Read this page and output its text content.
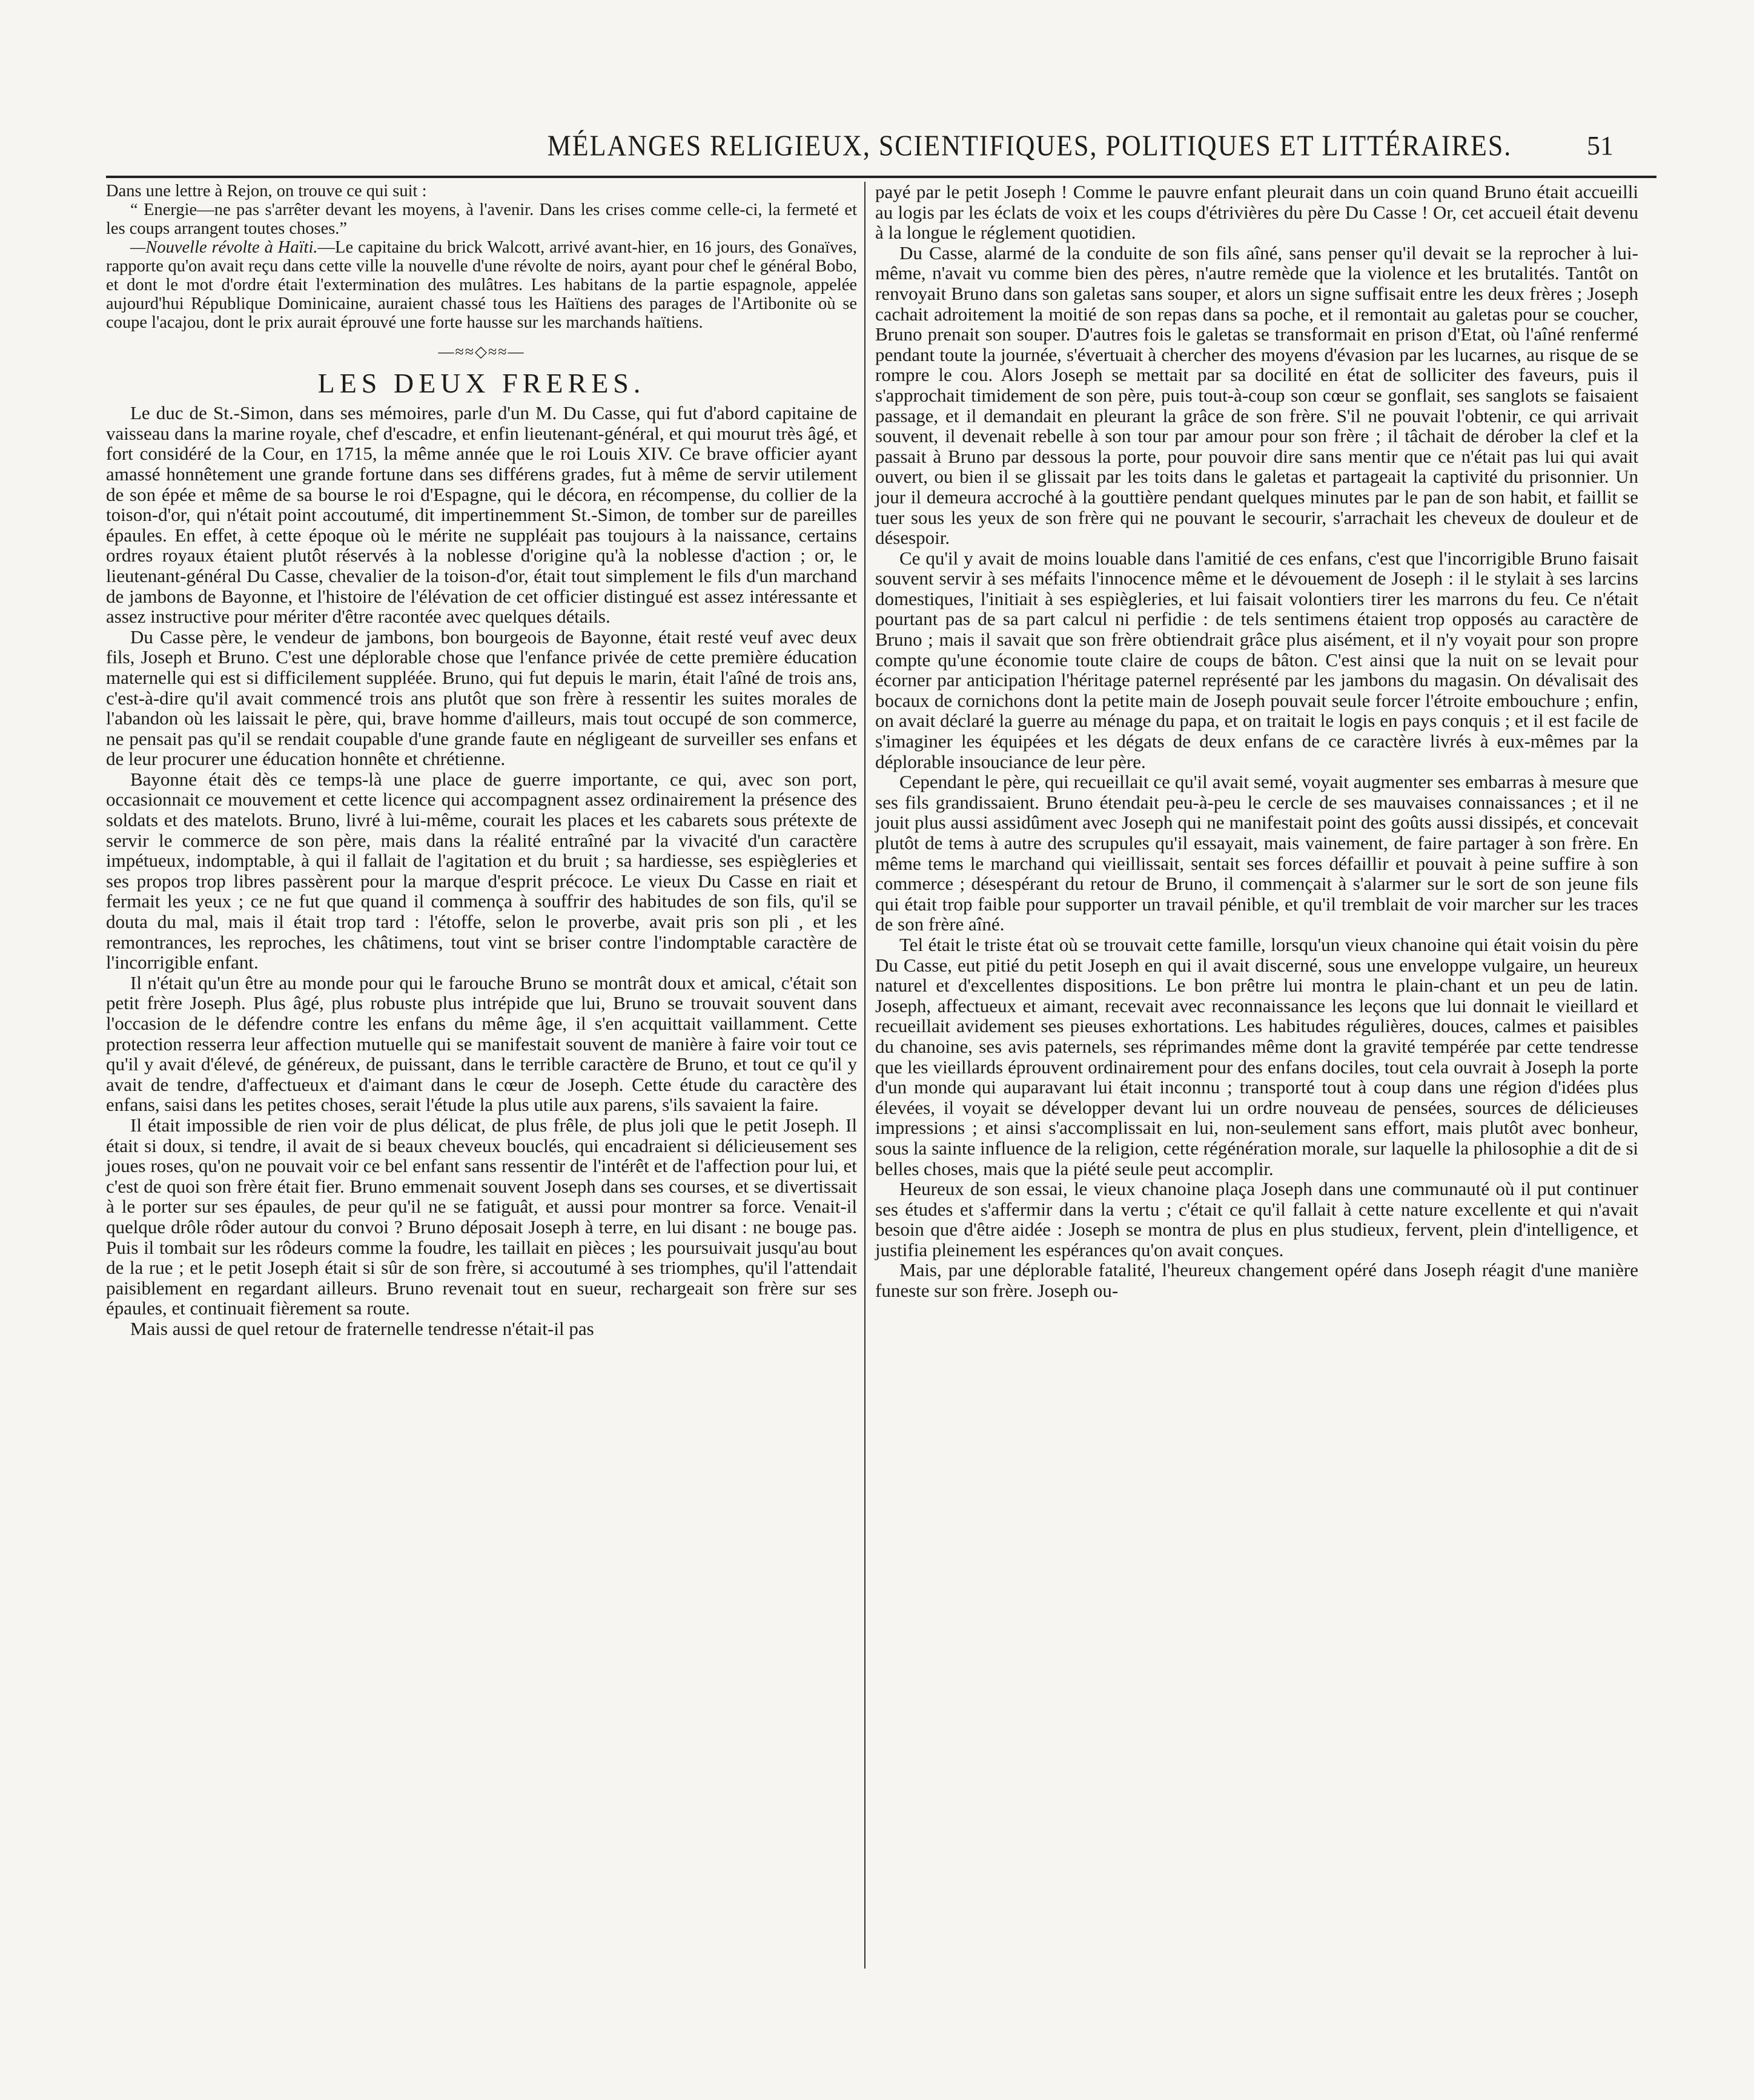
MÉLANGES RELIGIEUX, SCIENTIFIQUES, POLITIQUES ET LITTÉRAIRES.	51

Dans une lettre à Rejon, on trouve ce qui suit :

“ Energie—ne pas s'arrêter devant les moyens, à l'avenir. Dans les crises comme celle-ci, la fermeté et les coups arrangent toutes choses.”

—Nouvelle révolte à Haïti.—Le capitaine du brick Walcott, arrivé avant-hier, en 16 jours, des Gonaïves, rapporte qu'on avait reçu dans cette ville la nouvelle d'une révolte de noirs, ayant pour chef le général Bobo, et dont le mot d'ordre était l'extermination des mulâtres. Les habitans de la partie espagnole, appelée aujourd'hui République Dominicaine, auraient chassé tous les Haïtiens des parages de l'Artibonite où se coupe l'acajou, dont le prix aurait éprouvé une forte hausse sur les marchands haïtiens.

—≈≈◇≈≈—
LES DEUX FRERES.

Le duc de St.-Simon, dans ses mémoires, parle d'un M. Du Casse, qui fut d'abord capitaine de vaisseau dans la marine royale, chef d'escadre, et enfin lieutenant-général, et qui mourut très âgé, et fort considéré de la Cour, en 1715, la même année que le roi Louis XIV. Ce brave officier ayant amassé honnêtement une grande fortune dans ses différens grades, fut à même de servir utilement de son épée et même de sa bourse le roi d'Espagne, qui le décora, en récompense, du collier de la toison-d'or, qui n'était point accoutumé, dit impertinemment St.-Simon, de tomber sur de pareilles épaules. En effet, à cette époque où le mérite ne suppléait pas toujours à la naissance, certains ordres royaux étaient plutôt réservés à la noblesse d'origine qu'à la noblesse d'action ; or, le lieutenant-général Du Casse, chevalier de la toison-d'or, était tout simplement le fils d'un marchand de jambons de Bayonne, et l'histoire de l'élévation de cet officier distingué est assez intéressante et assez instructive pour mériter d'être racontée avec quelques détails.

Du Casse père, le vendeur de jambons, bon bourgeois de Bayonne, était resté veuf avec deux fils, Joseph et Bruno. C'est une déplorable chose que l'enfance privée de cette première éducation maternelle qui est si difficilement suppléée. Bruno, qui fut depuis le marin, était l'aîné de trois ans, c'est-à-dire qu'il avait commencé trois ans plutôt que son frère à ressentir les suites morales de l'abandon où les laissait le père, qui, brave homme d'ailleurs, mais tout occupé de son commerce, ne pensait pas qu'il se rendait coupable d'une grande faute en négligeant de surveiller ses enfans et de leur procurer une éducation honnête et chrétienne.

Bayonne était dès ce temps-là une place de guerre importante, ce qui, avec son port, occasionnait ce mouvement et cette licence qui accompagnent assez ordinairement la présence des soldats et des matelots. Bruno, livré à lui-même, courait les places et les cabarets sous prétexte de servir le commerce de son père, mais dans la réalité entraîné par la vivacité d'un caractère impétueux, indomptable, à qui il fallait de l'agitation et du bruit ; sa hardiesse, ses espiègleries et ses propos trop libres passèrent pour la marque d'esprit précoce. Le vieux Du Casse en riait et fermait les yeux ; ce ne fut que quand il commença à souffrir des habitudes de son fils, qu'il se douta du mal, mais il était trop tard : l'étoffe, selon le proverbe, avait pris son pli , et les remontrances, les reproches, les châtimens, tout vint se briser contre l'indomptable caractère de l'incorrigible enfant.

Il n'était qu'un être au monde pour qui le farouche Bruno se montrât doux et amical, c'était son petit frère Joseph. Plus âgé, plus robuste plus intrépide que lui, Bruno se trouvait souvent dans l'occasion de le défendre contre les enfans du même âge, il s'en acquittait vaillamment. Cette protection resserra leur affection mutuelle qui se manifestait souvent de manière à faire voir tout ce qu'il y avait d'élevé, de généreux, de puissant, dans le terrible caractère de Bruno, et tout ce qu'il y avait de tendre, d'affectueux et d'aimant dans le cœur de Joseph. Cette étude du caractère des enfans, saisi dans les petites choses, serait l'étude la plus utile aux parens, s'ils savaient la faire.

Il était impossible de rien voir de plus délicat, de plus frêle, de plus joli que le petit Joseph. Il était si doux, si tendre, il avait de si beaux cheveux bouclés, qui encadraient si délicieusement ses joues roses, qu'on ne pouvait voir ce bel enfant sans ressentir de l'intérêt et de l'affection pour lui, et c'est de quoi son frère était fier. Bruno emmenait souvent Joseph dans ses courses, et se divertissait à le porter sur ses épaules, de peur qu'il ne se fatiguât, et aussi pour montrer sa force. Venait-il quelque drôle rôder autour du convoi ? Bruno déposait Joseph à terre, en lui disant : ne bouge pas. Puis il tombait sur les rôdeurs comme la foudre, les taillait en pièces ; les poursuivait jusqu'au bout de la rue ; et le petit Joseph était si sûr de son frère, si accoutumé à ses triomphes, qu'il l'attendait paisiblement en regardant ailleurs. Bruno revenait tout en sueur, rechargeait son frère sur ses épaules, et continuait fièrement sa route.

Mais aussi de quel retour de fraternelle tendresse n'était-il pas

payé par le petit Joseph ! Comme le pauvre enfant pleurait dans un coin quand Bruno était accueilli au logis par les éclats de voix et les coups d'étrivières du père Du Casse ! Or, cet accueil était devenu à la longue le réglement quotidien.

Du Casse, alarmé de la conduite de son fils aîné, sans penser qu'il devait se la reprocher à lui-même, n'avait vu comme bien des pères, n'autre remède que la violence et les brutalités. Tantôt on renvoyait Bruno dans son galetas sans souper, et alors un signe suffisait entre les deux frères ; Joseph cachait adroitement la moitié de son repas dans sa poche, et il remontait au galetas pour se coucher, Bruno prenait son souper. D'autres fois le galetas se transformait en prison d'Etat, où l'aîné renfermé pendant toute la journée, s'évertuait à chercher des moyens d'évasion par les lucarnes, au risque de se rompre le cou. Alors Joseph se mettait par sa docilité en état de solliciter des faveurs, puis il s'approchait timidement de son père, puis tout-à-coup son cœur se gonflait, ses sanglots se faisaient passage, et il demandait en pleurant la grâce de son frère. S'il ne pouvait l'obtenir, ce qui arrivait souvent, il devenait rebelle à son tour par amour pour son frère ; il tâchait de dérober la clef et la passait à Bruno par dessous la porte, pour pouvoir dire sans mentir que ce n'était pas lui qui avait ouvert, ou bien il se glissait par les toits dans le galetas et partageait la captivité du prisonnier. Un jour il demeura accroché à la gouttière pendant quelques minutes par le pan de son habit, et faillit se tuer sous les yeux de son frère qui ne pouvant le secourir, s'arrachait les cheveux de douleur et de désespoir.

Ce qu'il y avait de moins louable dans l'amitié de ces enfans, c'est que l'incorrigible Bruno faisait souvent servir à ses méfaits l'innocence même et le dévouement de Joseph : il le stylait à ses larcins domestiques, l'initiait à ses espiègleries, et lui faisait volontiers tirer les marrons du feu. Ce n'était pourtant pas de sa part calcul ni perfidie : de tels sentimens étaient trop opposés au caractère de Bruno ; mais il savait que son frère obtiendrait grâce plus aisément, et il n'y voyait pour son propre compte qu'une économie toute claire de coups de bâton. C'est ainsi que la nuit on se levait pour écorner par anticipation l'héritage paternel représenté par les jambons du magasin. On dévalisait des bocaux de cornichons dont la petite main de Joseph pouvait seule forcer l'étroite embouchure ; enfin, on avait déclaré la guerre au ménage du papa, et on traitait le logis en pays conquis ; et il est facile de s'imaginer les équipées et les dégats de deux enfans de ce caractère livrés à eux-mêmes par la déplorable insouciance de leur père.

Cependant le père, qui recueillait ce qu'il avait semé, voyait augmenter ses embarras à mesure que ses fils grandissaient. Bruno étendait peu-à-peu le cercle de ses mauvaises connaissances ; et il ne jouit plus aussi assidûment avec Joseph qui ne manifestait point des goûts aussi dissipés, et concevait plutôt de tems à autre des scrupules qu'il essayait, mais vainement, de faire partager à son frère. En même tems le marchand qui vieillissait, sentait ses forces défaillir et pouvait à peine suffire à son commerce ; désespérant du retour de Bruno, il commençait à s'alarmer sur le sort de son jeune fils qui était trop faible pour supporter un travail pénible, et qu'il tremblait de voir marcher sur les traces de son frère aîné.

Tel était le triste état où se trouvait cette famille, lorsqu'un vieux chanoine qui était voisin du père Du Casse, eut pitié du petit Joseph en qui il avait discerné, sous une enveloppe vulgaire, un heureux naturel et d'excellentes dispositions. Le bon prêtre lui montra le plain-chant et un peu de latin. Joseph, affectueux et aimant, recevait avec reconnaissance les leçons que lui donnait le vieillard et recueillait avidement ses pieuses exhortations. Les habitudes régulières, douces, calmes et paisibles du chanoine, ses avis paternels, ses réprimandes même dont la gravité tempérée par cette tendresse que les vieillards éprouvent ordinairement pour des enfans dociles, tout cela ouvrait à Joseph la porte d'un monde qui auparavant lui était inconnu ; transporté tout à coup dans une région d'idées plus élevées, il voyait se développer devant lui un ordre nouveau de pensées, sources de délicieuses impressions ; et ainsi s'accomplissait en lui, non-seulement sans effort, mais plutôt avec bonheur, sous la sainte influence de la religion, cette régénération morale, sur laquelle la philosophie a dit de si belles choses, mais que la piété seule peut accomplir.

Heureux de son essai, le vieux chanoine plaça Joseph dans une communauté où il put continuer ses études et s'affermir dans la vertu ; c'était ce qu'il fallait à cette nature excellente et qui n'avait besoin que d'être aidée : Joseph se montra de plus en plus studieux, fervent, plein d'intelligence, et justifia pleinement les espérances qu'on avait conçues.

Mais, par une déplorable fatalité, l'heureux changement opéré dans Joseph réagit d'une manière funeste sur son frère. Joseph ou-
